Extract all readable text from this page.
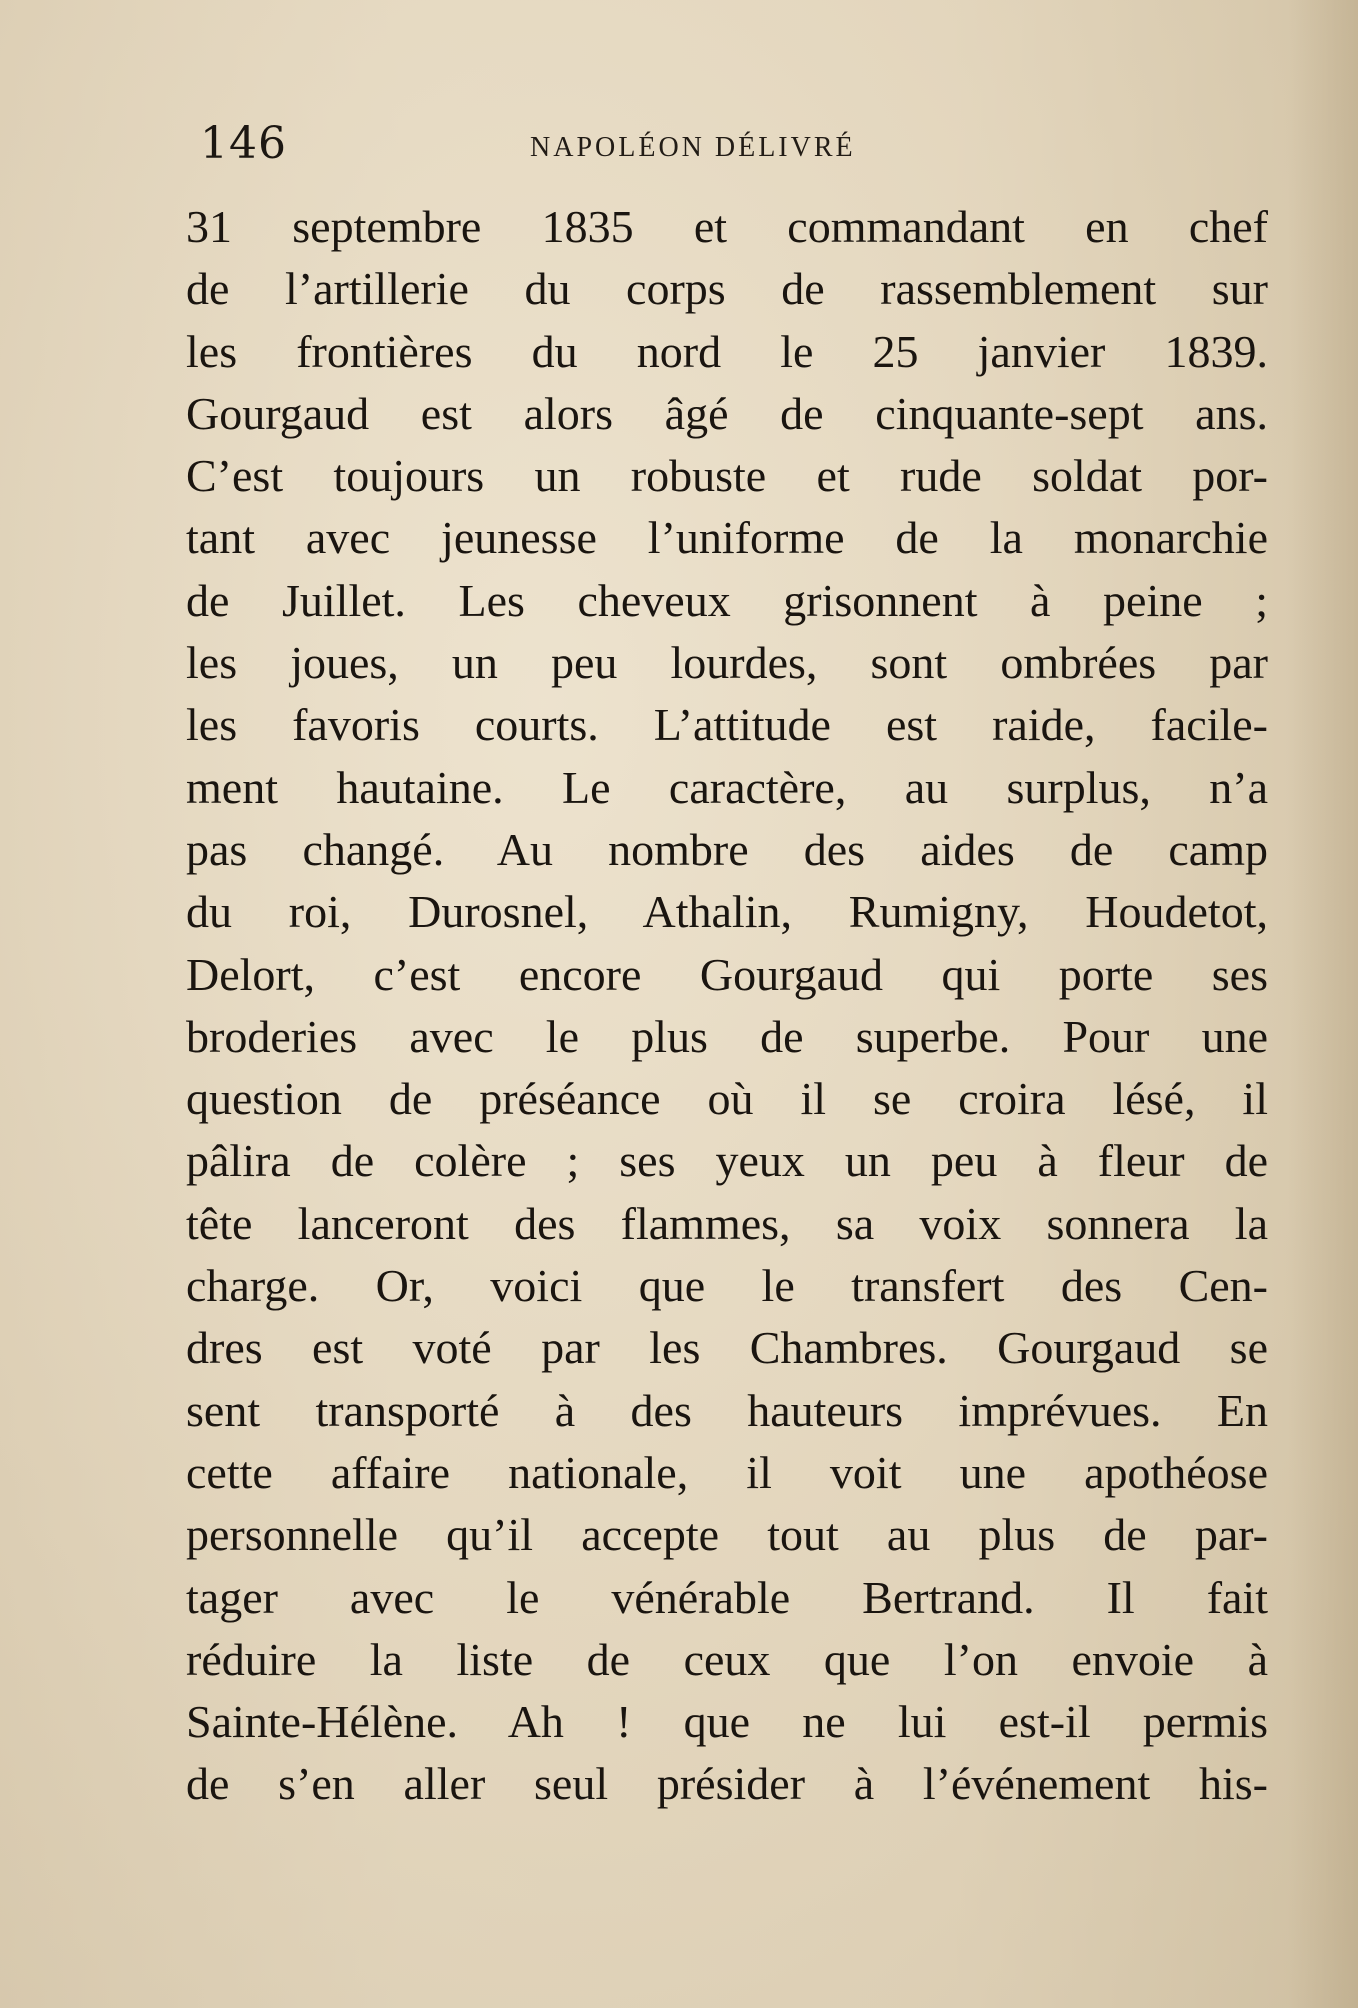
146	NAPOLÉON DÉLIVRÉ
31 septembre 1835 et commandant en chef
de l’artillerie du corps de rassemblement sur
les frontières du nord le 25 janvier 1839.
Gourgaud est alors âgé de cinquante-sept ans.
C’est toujours un robuste et rude soldat por-
tant avec jeunesse l’uniforme de la monarchie
de Juillet. Les cheveux grisonnent à peine ;
les joues, un peu lourdes, sont ombrées par
les favoris courts. L’attitude est raide, facile-
ment hautaine. Le caractère, au surplus, n’a
pas changé. Au nombre des aides de camp
du roi, Durosnel, Athalin, Rumigny, Houdetot,
Delort, c’est encore Gourgaud qui porte ses
broderies avec le plus de superbe. Pour une
question de préséance où il se croira lésé, il
pâlira de colère ; ses yeux un peu à fleur de
tête lanceront des flammes, sa voix sonnera la
charge. Or, voici que le transfert des Cen-
dres est voté par les Chambres. Gourgaud se
sent transporté à des hauteurs imprévues. En
cette affaire nationale, il voit une apothéose
personnelle qu’il accepte tout au plus de par-
tager avec le vénérable Bertrand. Il fait
réduire la liste de ceux que l’on envoie à
Sainte-Hélène. Ah ! que ne lui est-il permis
de s’en aller seul présider à l’événement his-
